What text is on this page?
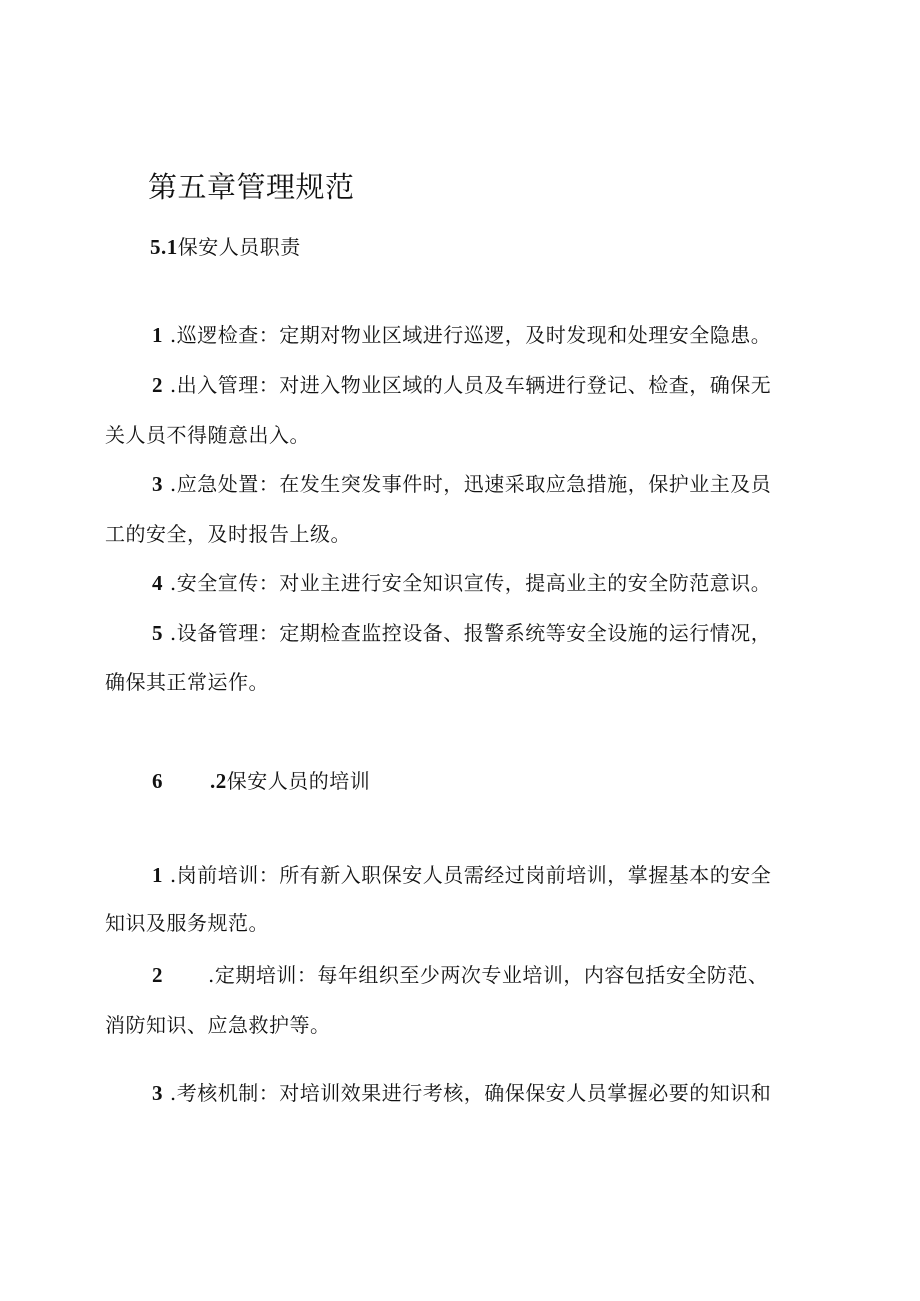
第五章管理规范
5.1保安人员职责
1 .巡逻检查：定期对物业区域进行巡逻，及时发现和处理安全隐患。
2 .出入管理：对进入物业区域的人员及车辆进行登记、检查，确保无
关人员不得随意出入。
3 .应急处置：在发生突发事件时，迅速采取应急措施，保护业主及员
工的安全，及时报告上级。
4 .安全宣传：对业主进行安全知识宣传，提高业主的安全防范意识。
5 .设备管理：定期检查监控设备、报警系统等安全设施的运行情况，
确保其正常运作。
6 .2保安人员的培训
1 .岗前培训：所有新入职保安人员需经过岗前培训，掌握基本的安全
知识及服务规范。
2 .定期培训：每年组织至少两次专业培训，内容包括安全防范、
消防知识、应急救护等。
3 .考核机制：对培训效果进行考核，确保保安人员掌握必要的知识和
